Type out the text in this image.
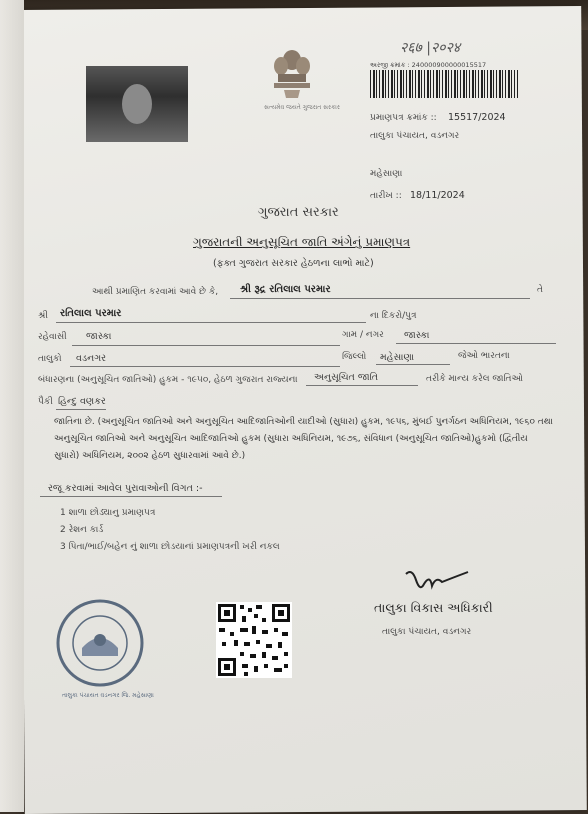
સત્યમેવ જયતે ગુજરાત સરકાર
२६७ |२०२४
અરજી ક્રમાંક : 240000900000015517
પ્રમાણપત્ર ક્રમાંક :: 15517/2024
તાલુકા પંચાયત, વડનગર
મહેસાણા
તારીખ :: 18/11/2024
ગુજરાત સરકાર
ગુજરાતની અનુસૂચિત જાતિ અંગેનું પ્રમાણપત્ર
(ફક્ત ગુજરાત સરકાર હેઠળના લાભો માટે)
આથી પ્રમાણિત કરવામાં આવે છે કે, શ્રી રૂદ્ર રતિલાલ પરમાર	તે
શ્રી રતિલાલ પરમાર	ના દિકરો/પુત્ર
રહેવાસી જાસ્કા	ગામ / નગર જાસ્કા
તાલુકો વડનગર	જિલ્લો મહેસાણા	જેઓ ભારતના
બંધારણના (અનુસૂચિત જાતિઓ) હુકમ - ૧૯૫૦, હેઠળ ગુજરાત રાજ્યના અનુસૂચિત જાતિ	તરીકે માન્ય કરેલ જાતિઓ
પૈકી હિન્દુ વણકર
જાતિના છે. (અનુસૂચિત જાતિઓ અને અનુસૂચિત આદિજાતિઓની યાદીઓ (સુધારા) હુકમ, ૧૯૫૬, મુંબઈ પુનર્ગઠન અધિનિયમ, ૧૯૬૦ તથા અનુસૂચિત જાતિઓ અને અનુસૂચિત આદિજાતિઓ હુકમ (સુધારા અધિનિયમ, ૧૯૭૬, સંવિધાન (અનુસૂચિત જાતિઓ)હુકમો (દ્વિતીય સુધારો) અધિનિયમ, ૨૦૦૨ હેઠળ સુધારવામાં આવે છે.)
રજૂ કરવામાં આવેલ પુરાવાઓની વિગત :-
1 શાળા છોડ્યાનુ પ્રમાણપત્ર
2 રેશન કાર્ડ
3 પિતા/ભાઈ/બહેન નું શાળા છોડયાનાં પ્રમાણપત્રની ખરી નકલ
તાલુકા પંચાયત વડનગર જિ. મહેસાણા
તાલુકા વિકાસ અધિકારી
તાલુકા પંચાયત, વડનગર
